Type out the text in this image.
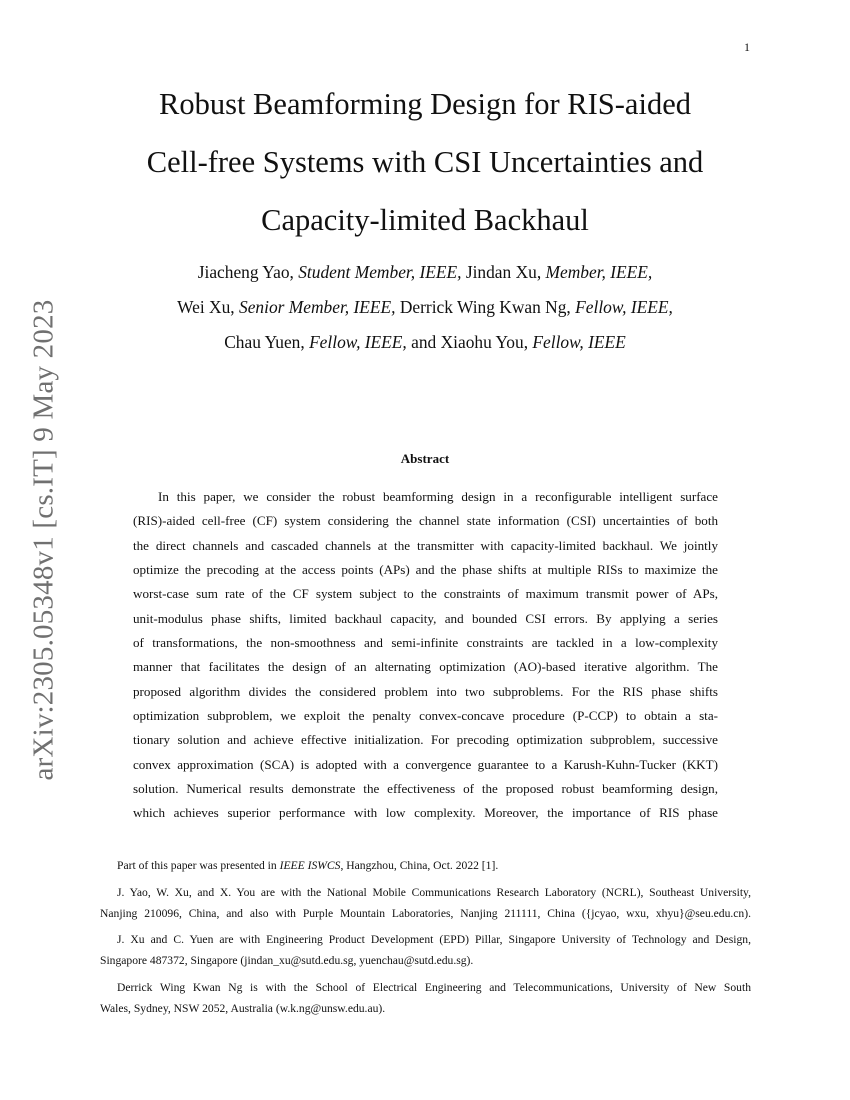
1
arXiv:2305.05348v1 [cs.IT] 9 May 2023
Robust Beamforming Design for RIS-aided
Cell-free Systems with CSI Uncertainties and
Capacity-limited Backhaul
Jiacheng Yao, Student Member, IEEE, Jindan Xu, Member, IEEE,
Wei Xu, Senior Member, IEEE, Derrick Wing Kwan Ng, Fellow, IEEE,
Chau Yuen, Fellow, IEEE, and Xiaohu You, Fellow, IEEE
Abstract
In this paper, we consider the robust beamforming design in a reconfigurable intelligent surface
(RIS)-aided cell-free (CF) system considering the channel state information (CSI) uncertainties of both
the direct channels and cascaded channels at the transmitter with capacity-limited backhaul. We jointly
optimize the precoding at the access points (APs) and the phase shifts at multiple RISs to maximize the
worst-case sum rate of the CF system subject to the constraints of maximum transmit power of APs,
unit-modulus phase shifts, limited backhaul capacity, and bounded CSI errors. By applying a series
of transformations, the non-smoothness and semi-infinite constraints are tackled in a low-complexity
manner that facilitates the design of an alternating optimization (AO)-based iterative algorithm. The
proposed algorithm divides the considered problem into two subproblems. For the RIS phase shifts
optimization subproblem, we exploit the penalty convex-concave procedure (P-CCP) to obtain a sta-
tionary solution and achieve effective initialization. For precoding optimization subproblem, successive
convex approximation (SCA) is adopted with a convergence guarantee to a Karush-Kuhn-Tucker (KKT)
solution. Numerical results demonstrate the effectiveness of the proposed robust beamforming design,
which achieves superior performance with low complexity. Moreover, the importance of RIS phase
Part of this paper was presented in IEEE ISWCS, Hangzhou, China, Oct. 2022 [1].
J. Yao, W. Xu, and X. You are with the National Mobile Communications Research Laboratory (NCRL), Southeast University,
Nanjing 210096, China, and also with Purple Mountain Laboratories, Nanjing 211111, China ({jcyao, wxu, xhyu}@seu.edu.cn).
J. Xu and C. Yuen are with Engineering Product Development (EPD) Pillar, Singapore University of Technology and Design,
Singapore 487372, Singapore (jindan_xu@sutd.edu.sg, yuenchau@sutd.edu.sg).
Derrick Wing Kwan Ng is with the School of Electrical Engineering and Telecommunications, University of New South
Wales, Sydney, NSW 2052, Australia (w.k.ng@unsw.edu.au).
